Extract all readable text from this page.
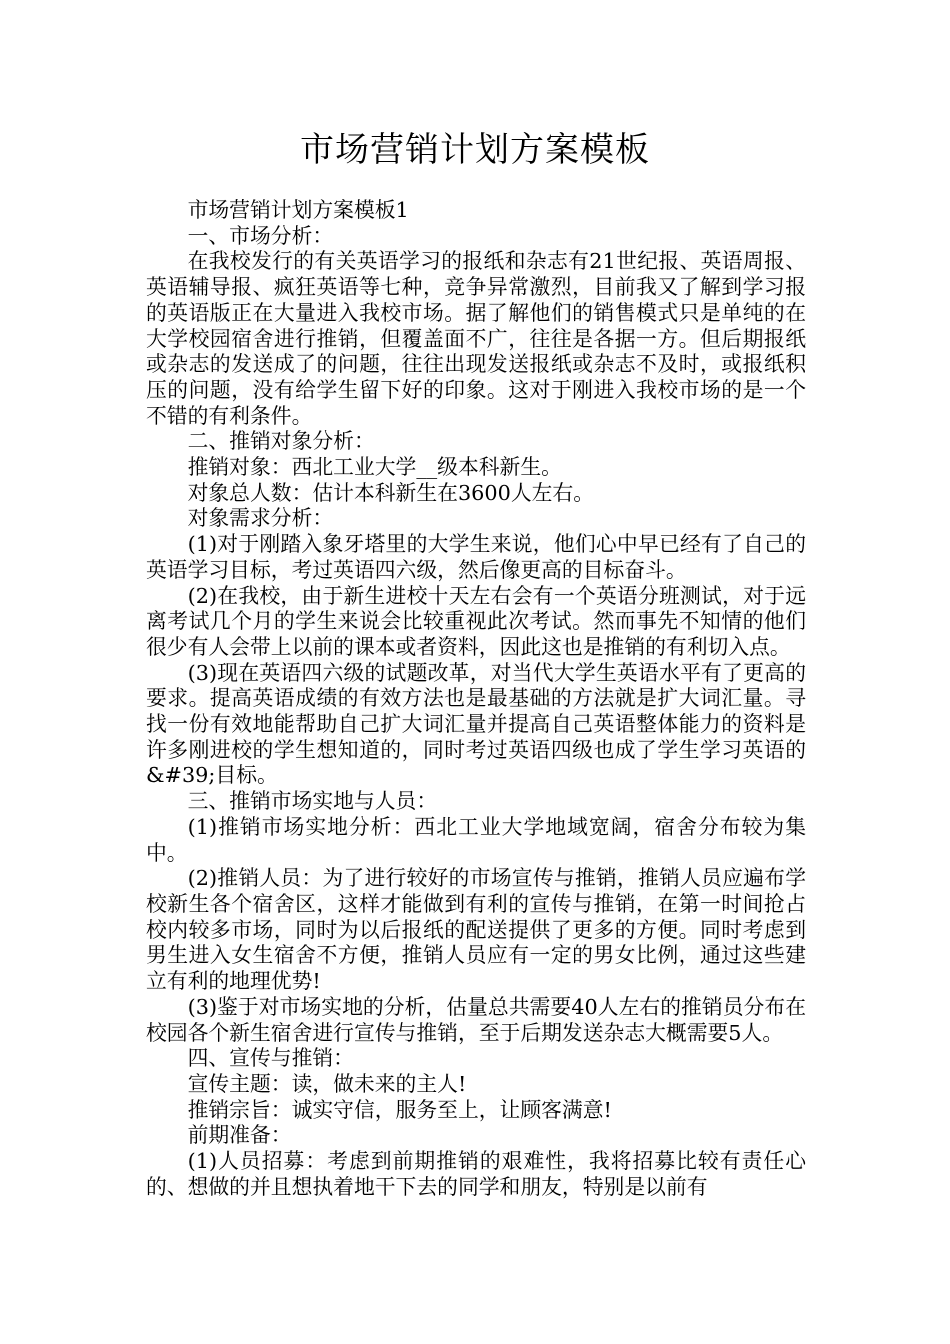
市场营销计划方案模板

市场营销计划方案模板1

一、市场分析：

在我校发行的有关英语学习的报纸和杂志有21世纪报、英语周报、英语辅导报、疯狂英语等七种，竞争异常激烈，目前我又了解到学习报的英语版正在大量进入我校市场。据了解他们的销售模式只是单纯的在大学校园宿舍进行推销，但覆盖面不广，往往是各据一方。但后期报纸或杂志的发送成了的问题，往往出现发送报纸或杂志不及时，或报纸积压的问题，没有给学生留下好的印象。这对于刚进入我校市场的是一个不错的有利条件。

二、推销对象分析：

推销对象：西北工业大学__级本科新生。

对象总人数：估计本科新生在3600人左右。

对象需求分析：

(1)对于刚踏入象牙塔里的大学生来说，他们心中早已经有了自己的英语学习目标，考过英语四六级，然后像更高的目标奋斗。

(2)在我校，由于新生进校十天左右会有一个英语分班测试，对于远离考试几个月的学生来说会比较重视此次考试。然而事先不知情的他们很少有人会带上以前的课本或者资料，因此这也是推销的有利切入点。

(3)现在英语四六级的试题改革，对当代大学生英语水平有了更高的要求。提高英语成绩的有效方法也是最基础的方法就是扩大词汇量。寻找一份有效地能帮助自己扩大词汇量并提高自己英语整体能力的资料是许多刚进校的学生想知道的，同时考过英语四级也成了学生学习英语的&#39;目标。

三、推销市场实地与人员：

(1)推销市场实地分析：西北工业大学地域宽阔，宿舍分布较为集中。

(2)推销人员：为了进行较好的市场宣传与推销，推销人员应遍布学校新生各个宿舍区，这样才能做到有利的宣传与推销，在第一时间抢占校内较多市场，同时为以后报纸的配送提供了更多的方便。同时考虑到男生进入女生宿舍不方便，推销人员应有一定的男女比例，通过这些建立有利的地理优势!

(3)鉴于对市场实地的分析，估量总共需要40人左右的推销员分布在校园各个新生宿舍进行宣传与推销，至于后期发送杂志大概需要5人。

四、宣传与推销：

宣传主题：读，做未来的主人!

推销宗旨：诚实守信，服务至上，让顾客满意!

前期准备：

(1)人员招募：考虑到前期推销的艰难性，我将招募比较有责任心的、想做的并且想执着地干下去的同学和朋友，特别是以前有
